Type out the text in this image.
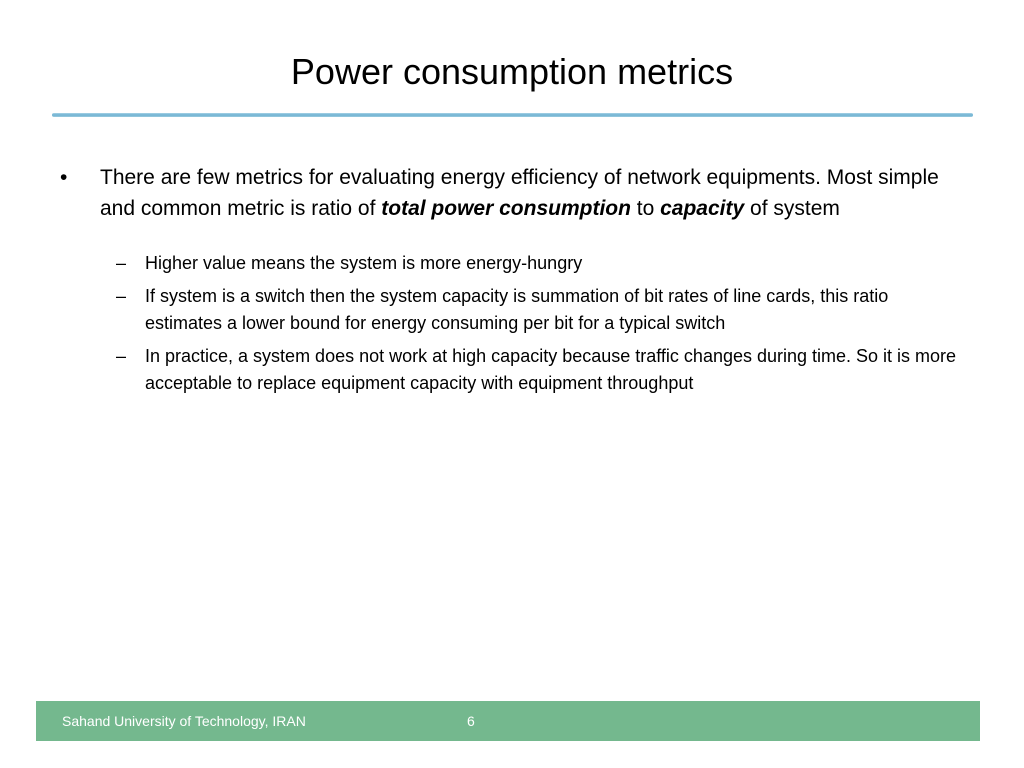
Power consumption metrics
•	There are few metrics for evaluating energy efficiency of network equipments. Most simple and common metric is ratio of total power consumption to capacity of system
– Higher value means the system is more energy-hungry
– If system is a switch then the system capacity is summation of bit rates of line cards, this ratio estimates a lower bound for energy consuming per bit for a typical switch
– In practice, a system does not work at high capacity because traffic changes during time. So it is more acceptable to replace equipment capacity with equipment throughput
Sahand University of Technology, IRAN	6
